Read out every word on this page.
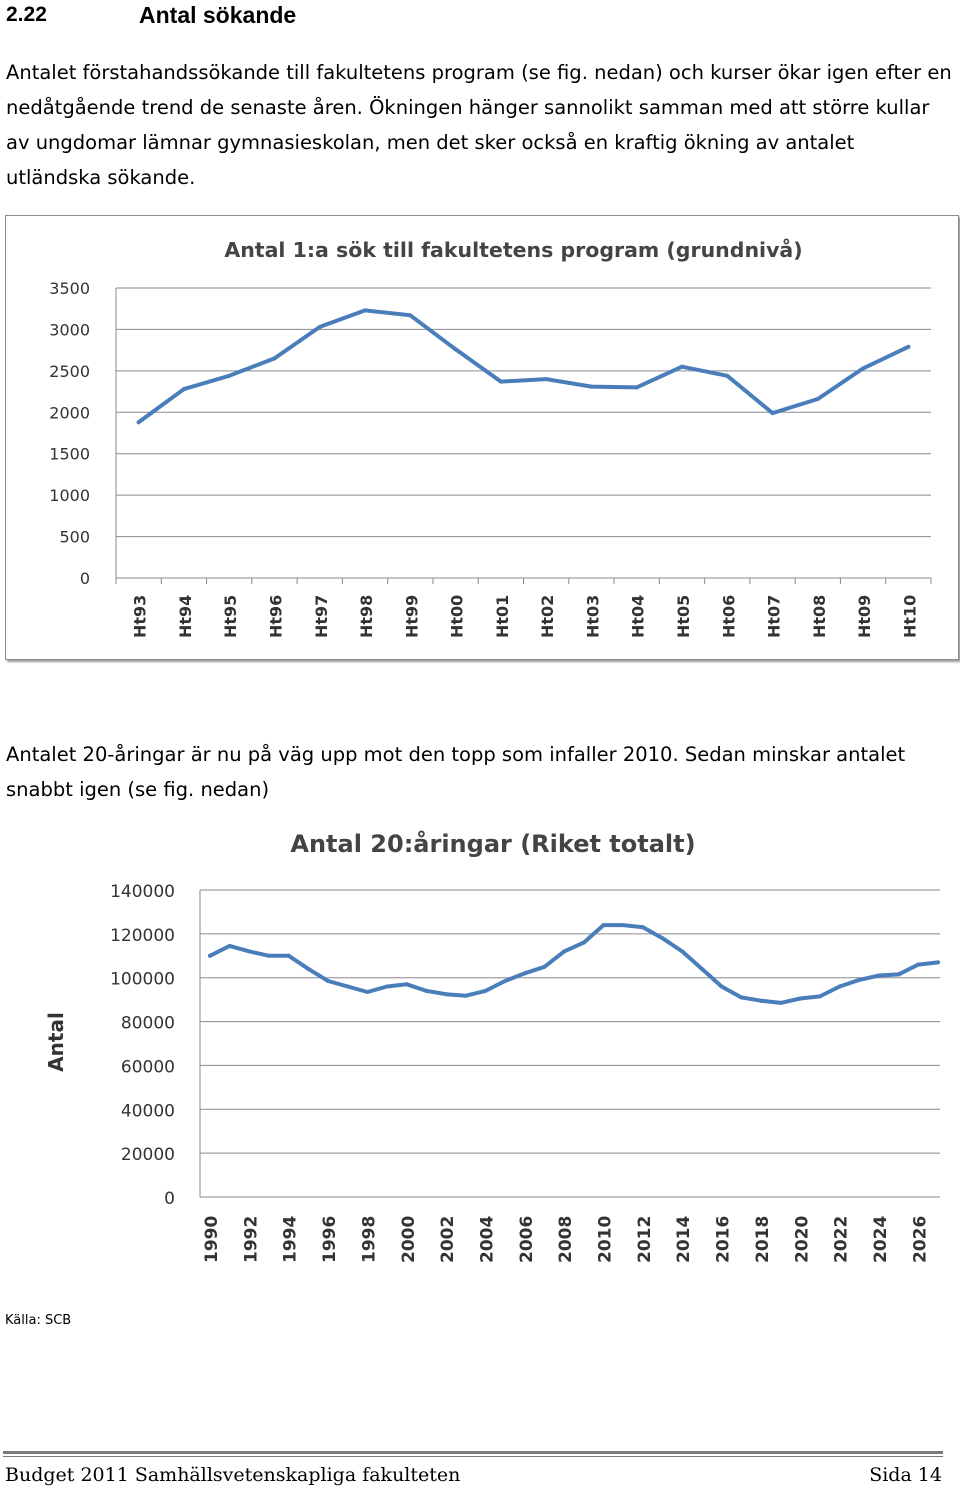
2.22	Antal sökande

Antalet förstahandssökande till fakultetens program (se fig. nedan) och kurser ökar igen efter en nedåtgående trend de senaste åren. Ökningen hänger sannolikt samman med att större kullar av ungdomar lämnar gymnasieskolan, men det sker också en kraftig ökning av antalet utländska sökande.

Antal 1:a sök till fakultetens program (grundnivå)
0
500
1000
1500
2000
2500
3000
3500
Ht93 Ht94 Ht95 Ht96 Ht97 Ht98 Ht99 Ht00 Ht01 Ht02 Ht03 Ht04 Ht05 Ht06 Ht07 Ht08 Ht09 Ht10

Antalet 20-åringar är nu på väg upp mot den topp som infaller 2010. Sedan minskar antalet snabbt igen (se fig. nedan)

Antal 20:åringar (Riket totalt)
Antal
0
20000
40000
60000
80000
100000
120000
140000
1990 1992 1994 1996 1998 2000 2002 2004 2006 2008 2010 2012 2014 2016 2018 2020 2022 2024 2026
Källa: SCB
Budget 2011 Samhällsvetenskapliga fakulteten	Sida 14
